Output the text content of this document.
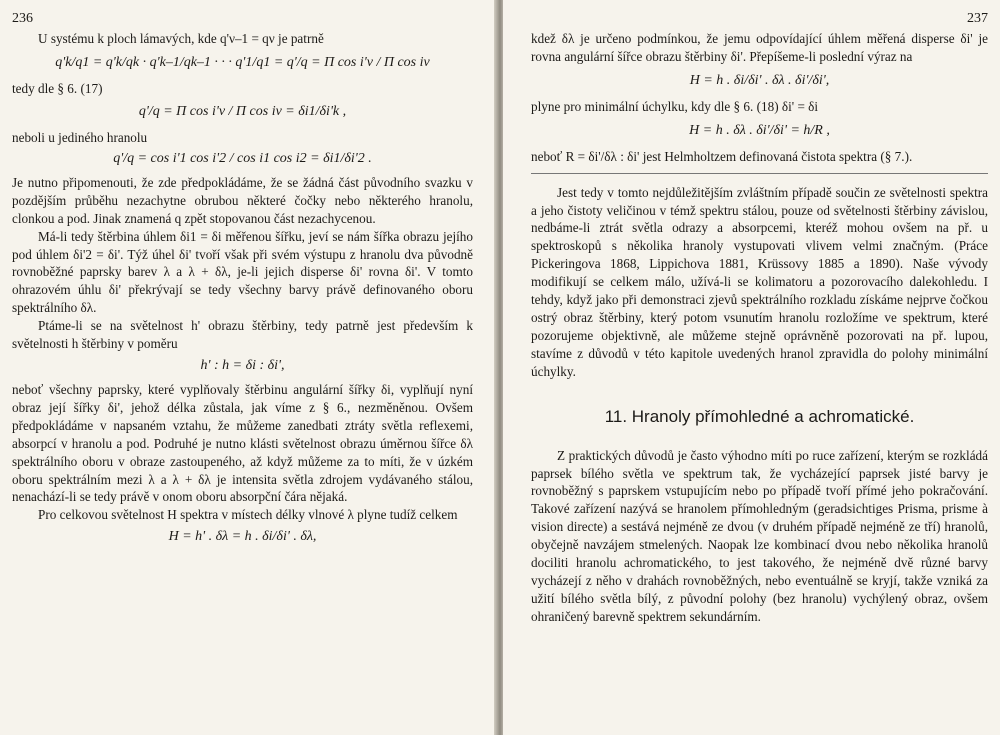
236

U systému k ploch lámavých, kde q'ν–1 = qν je patrně

q'k/q1 = q'k/qk · q'k–1/qk–1 · · · q'1/q1 = q'/q = Π cos i'ν / Π cos iν
tedy dle § 6. (17)
q'/q = Π cos i'ν / Π cos iν = δi1/δi'k ,
neboli u jediného hranolu
q'/q = cos i'1 cos i'2 / cos i1 cos i2 = δi1/δi'2 .

Je nutno připomenouti, že zde předpokládáme, že se žádná část původního svazku v pozdějším průběhu nezachytne obrubou některé čočky nebo některého hranolu, clonkou a pod. Jinak znamená q zpět stopovanou část nezachycenou.

Má-li tedy štěrbina úhlem δi1 = δi měřenou šířku, jeví se nám šířka obrazu jejího pod úhlem δi'2 = δi'. Týž úhel δi' tvoří však při svém výstupu z hranolu dva původně rovnoběžné paprsky barev λ a λ + δλ, je-li jejich disperse δi' rovna δi'. V tomto ohrazovém úhlu δi' překrývají se tedy všechny barvy právě definovaného oboru spektrálního δλ.

Ptáme-li se na světelnost h' obrazu štěrbiny, tedy patrně jest především k světelnosti h štěrbiny v poměru

h' : h = δi : δi',

neboť všechny paprsky, které vyplňovaly štěrbinu angulární šířky δi, vyplňují nyní obraz její šířky δi', jehož délka zůstala, jak víme z § 6., nezměněnou. Ovšem předpokládáme v napsaném vztahu, že můžeme zanedbati ztráty světla reflexemi, absorpcí v hranolu a pod. Podruhé je nutno klásti světelnost obrazu úměrnou šířce δλ spektrálního oboru v obraze zastoupeného, až když můžeme za to míti, že v úzkém oboru spektrálním mezi λ a λ + δλ je intensita světla zdrojem vydávaného stálou, nenachází-li se tedy právě v onom oboru absorpční čára nějaká.

Pro celkovou světelnost H spektra v místech délky vlnové λ plyne tudíž celkem

H = h' . δλ = h . δi/δi' . δλ,
237

kdež δλ je určeno podmínkou, že jemu odpovídající úhlem měřená disperse δi' je rovna angulární šířce obrazu štěrbiny δi'. Přepíšeme-li poslední výraz na

H = h . δi/δi' . δλ . δi'/δi',

plyne pro minimální úchylku, kdy dle § 6. (18) δi' = δi

H = h . δλ . δi'/δi' = h/R ,

neboť R = δi'/δλ : δi' jest Helmholtzem definovaná čistota spektra (§ 7.).

Jest tedy v tomto nejdůležitějším zvláštním případě součin ze světelnosti spektra a jeho čistoty veličinou v témž spektru stálou, pouze od světelnosti štěrbiny závislou, nedbáme-li ztrát světla odrazy a absorpcemi, kteréž mohou ovšem na př. u spektroskopů s několika hranoly vystupovati vlivem velmi značným. (Práce Pickeringova 1868, Lippichova 1881, Krüssovy 1885 a 1890). Naše vývody modifikují se celkem málo, užívá-li se kolimatoru a pozorovacího dalekohledu. I tehdy, když jako při demonstraci zjevů spektrálního rozkladu získáme nejprve čočkou ostrý obraz štěrbiny, který potom vsunutím hranolu rozložíme ve spektrum, které pozorujeme objektivně, ale můžeme stejně oprávněně pozorovati na př. lupou, stavíme z důvodů v této kapitole uvedených hranol zpravidla do polohy minimální úchylky.

11. Hranoly přímohledné a achromatické.

Z praktických důvodů je často výhodno míti po ruce zařízení, kterým se rozkládá paprsek bílého světla ve spektrum tak, že vycházející paprsek jisté barvy je rovnoběžný s paprskem vstupujícím nebo po případě tvoří přímé jeho pokračování. Takové zařízení nazývá se hranolem přímohledným (geradsichtiges Prisma, prisme à vision directe) a sestává nejméně ze dvou (v druhém případě nejméně ze tří) hranolů, obyčejně navzájem stmelených. Naopak lze kombinací dvou nebo několika hranolů dociliti hranolu achromatického, to jest takového, že nejméně dvě různé barvy vycházejí z něho v drahách rovnoběžných, nebo eventuálně se kryjí, takže vzniká za užití bílého světla bílý, z původní polohy (bez hranolu) vychýlený obraz, ovšem ohraničený barevně spektrem sekundárním.
